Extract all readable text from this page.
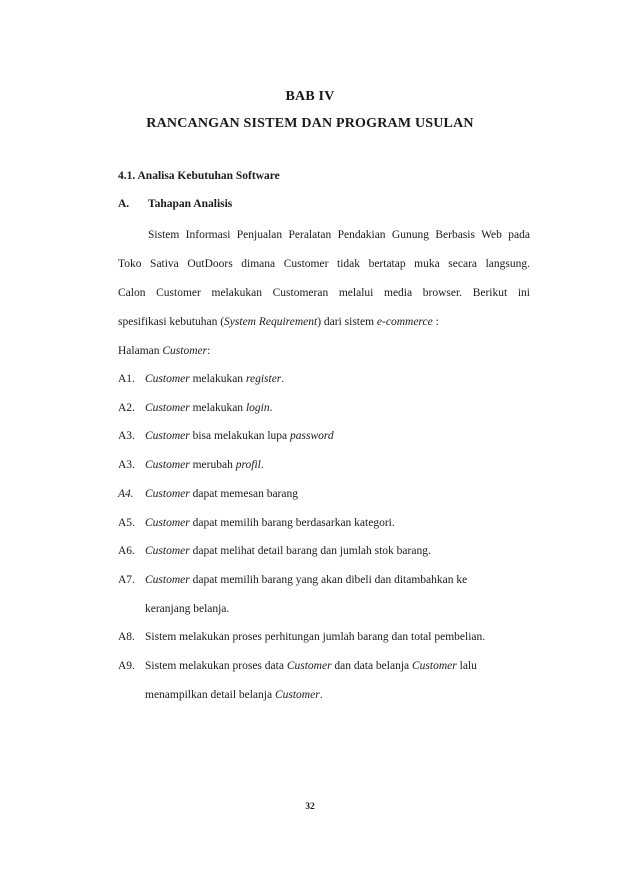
BAB IV
RANCANGAN SISTEM DAN PROGRAM USULAN
4.1. Analisa Kebutuhan Software
A. Tahapan Analisis
Sistem Informasi Penjualan Peralatan Pendakian Gunung Berbasis Web pada
Toko Sativa OutDoors dimana Customer tidak bertatap muka secara langsung.
Calon Customer melakukan Customeran melalui media browser. Berikut ini
spesifikasi kebutuhan (System Requirement) dari sistem e-commerce :
Halaman Customer:
A1. Customer melakukan register.
A2. Customer melakukan login.
A3. Customer bisa melakukan lupa password
A3. Customer merubah profil.
A4. Customer dapat memesan barang
A5. Customer dapat memilih barang berdasarkan kategori.
A6. Customer dapat melihat detail barang dan jumlah stok barang.
A7. Customer dapat memilih barang yang akan dibeli dan ditambahkan ke
keranjang belanja.
A8. Sistem melakukan proses perhitungan jumlah barang dan total pembelian.
A9. Sistem melakukan proses data Customer dan data belanja Customer lalu
menampilkan detail belanja Customer.
32
